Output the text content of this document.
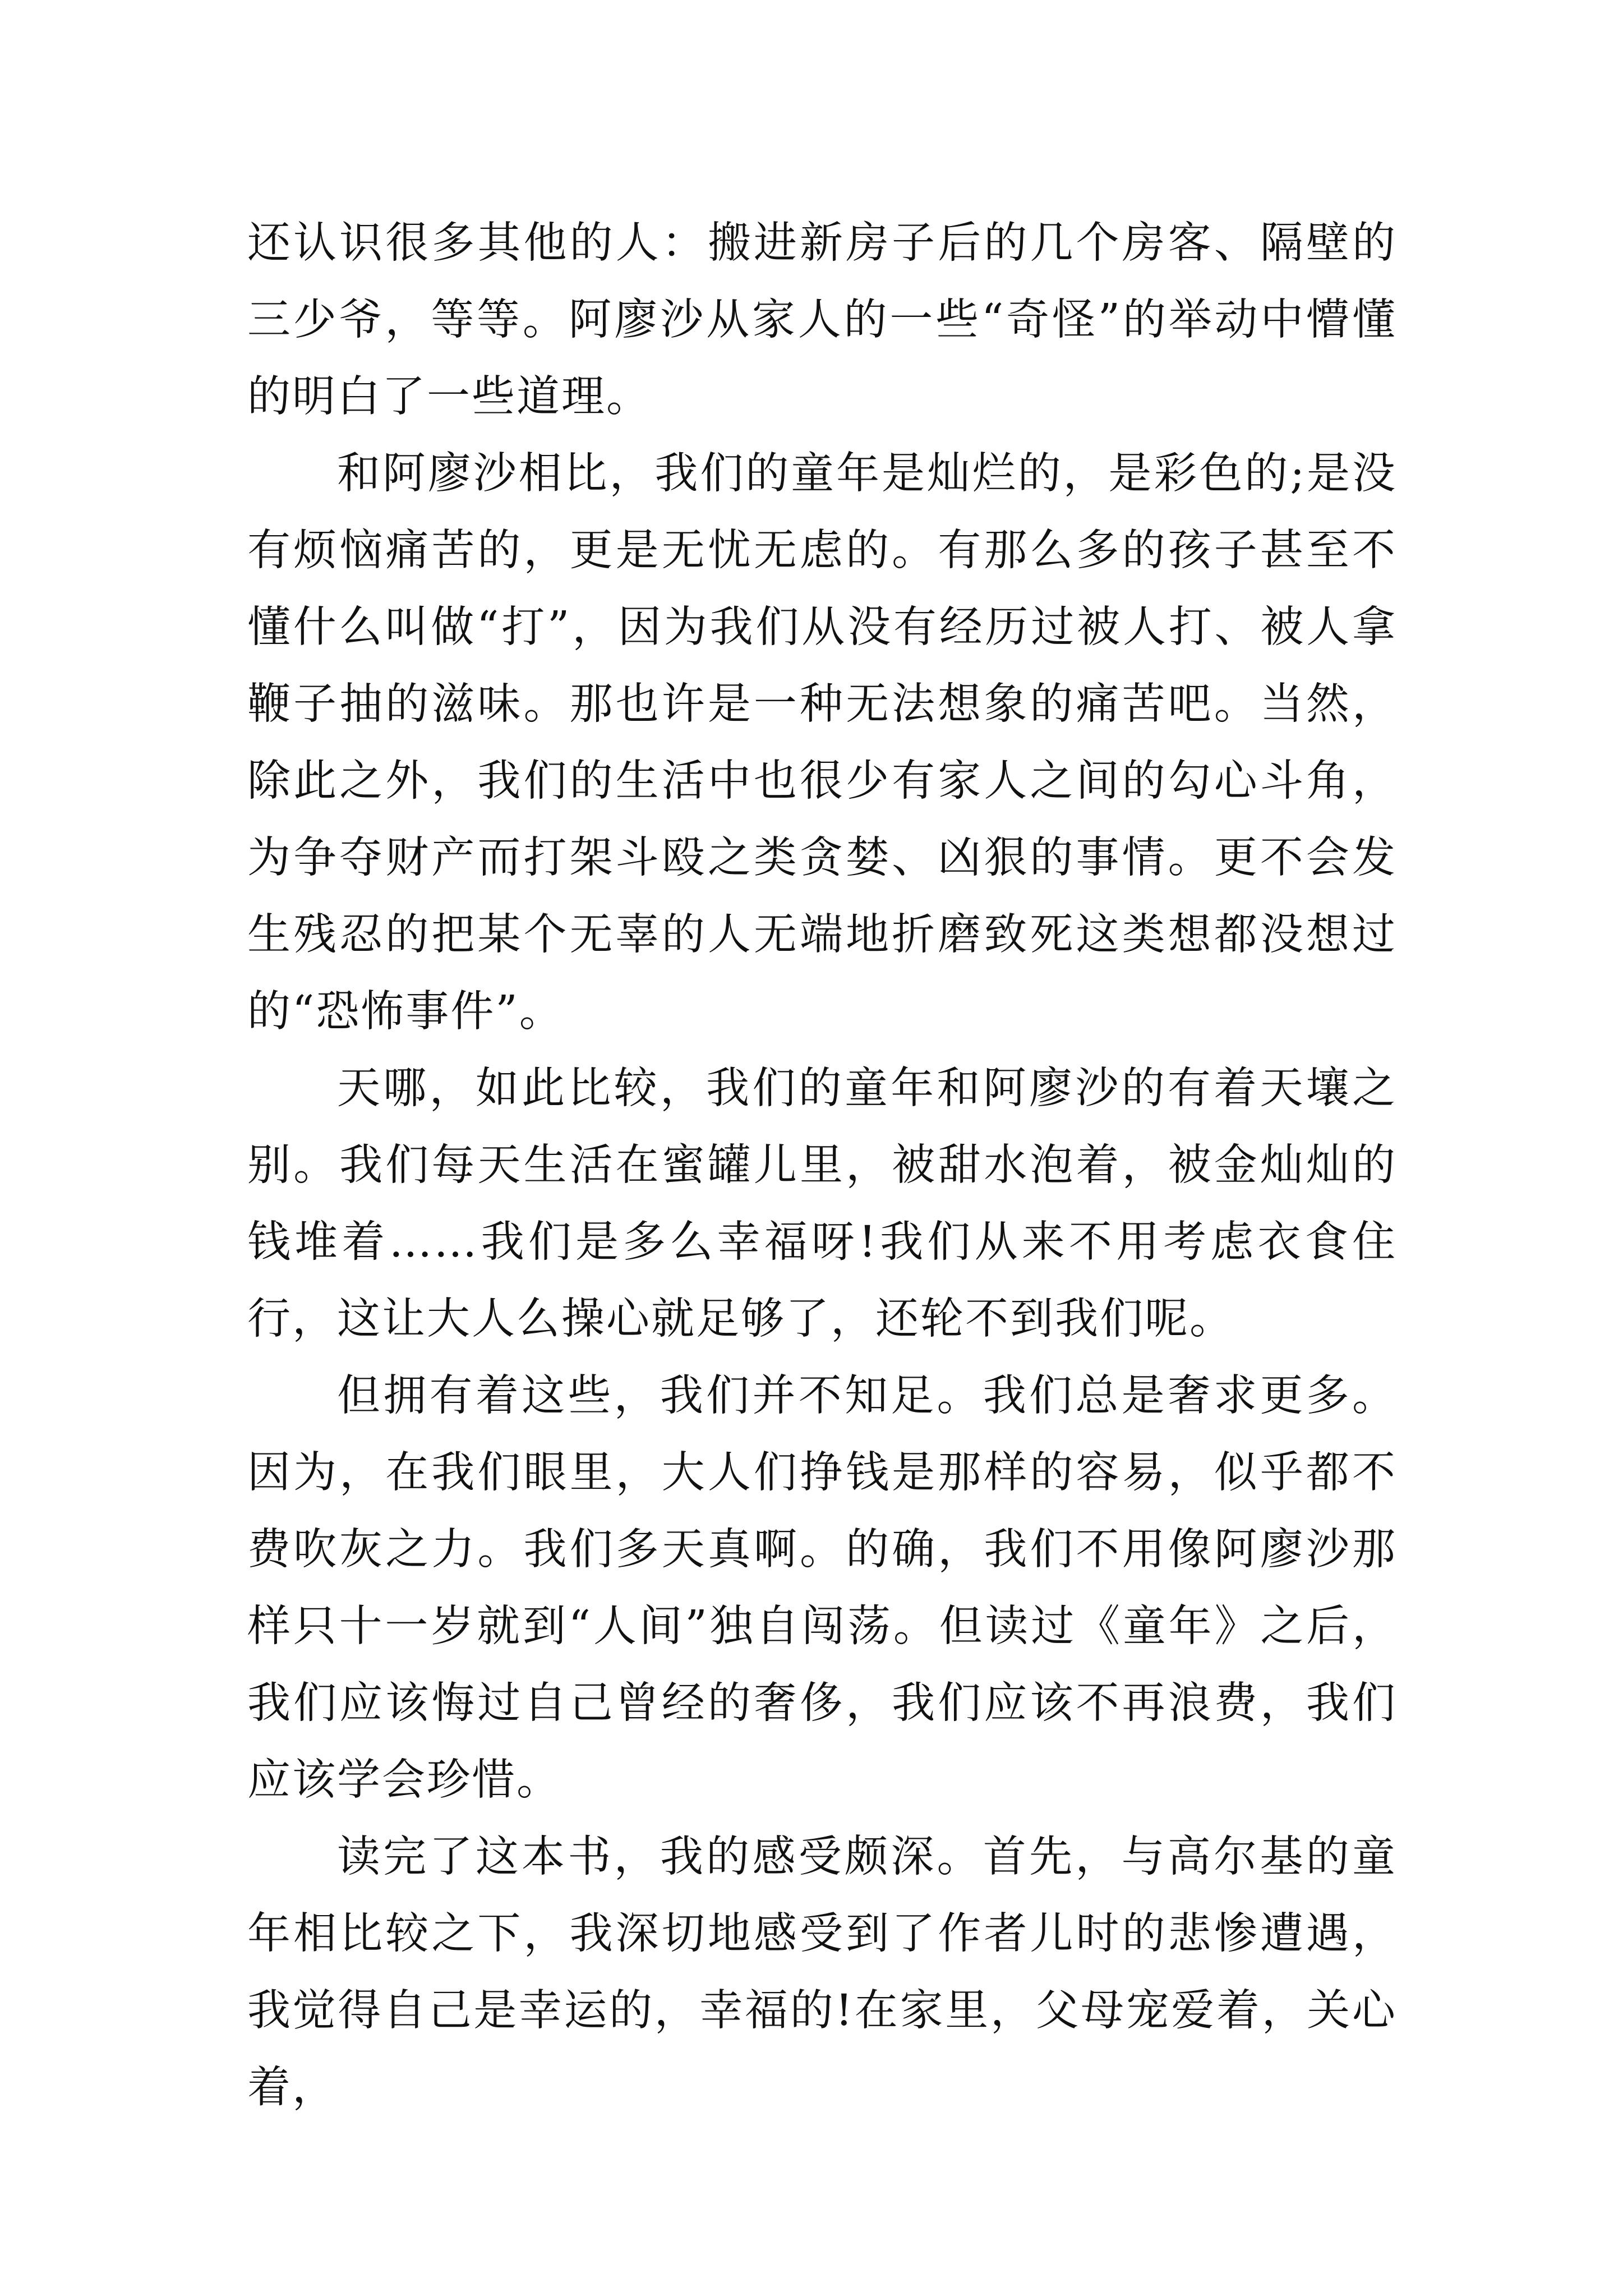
还认识很多其他的人：搬进新房子后的几个房客、隔壁的三少爷，等等。阿廖沙从家人的一些“奇怪”的举动中懵懂的明白了一些道理。

和阿廖沙相比，我们的童年是灿烂的，是彩色的;是没有烦恼痛苦的，更是无忧无虑的。有那么多的孩子甚至不懂什么叫做“打”，因为我们从没有经历过被人打、被人拿鞭子抽的滋味。那也许是一种无法想象的痛苦吧。当然，除此之外，我们的生活中也很少有家人之间的勾心斗角，为争夺财产而打架斗殴之类贪婪、凶狠的事情。更不会发生残忍的把某个无辜的人无端地折磨致死这类想都没想过的“恐怖事件”。

天哪，如此比较，我们的童年和阿廖沙的有着天壤之别。我们每天生活在蜜罐儿里，被甜水泡着，被金灿灿的钱堆着……我们是多么幸福呀!我们从来不用考虑衣食住行，这让大人么操心就足够了，还轮不到我们呢。

但拥有着这些，我们并不知足。我们总是奢求更多。因为，在我们眼里，大人们挣钱是那样的容易，似乎都不费吹灰之力。我们多天真啊。的确，我们不用像阿廖沙那样只十一岁就到“人间”独自闯荡。但读过《童年》之后，我们应该悔过自己曾经的奢侈，我们应该不再浪费，我们应该学会珍惜。

读完了这本书，我的感受颇深。首先，与高尔基的童年相比较之下，我深切地感受到了作者儿时的悲惨遭遇，我觉得自己是幸运的，幸福的!在家里，父母宠爱着，关心着，
